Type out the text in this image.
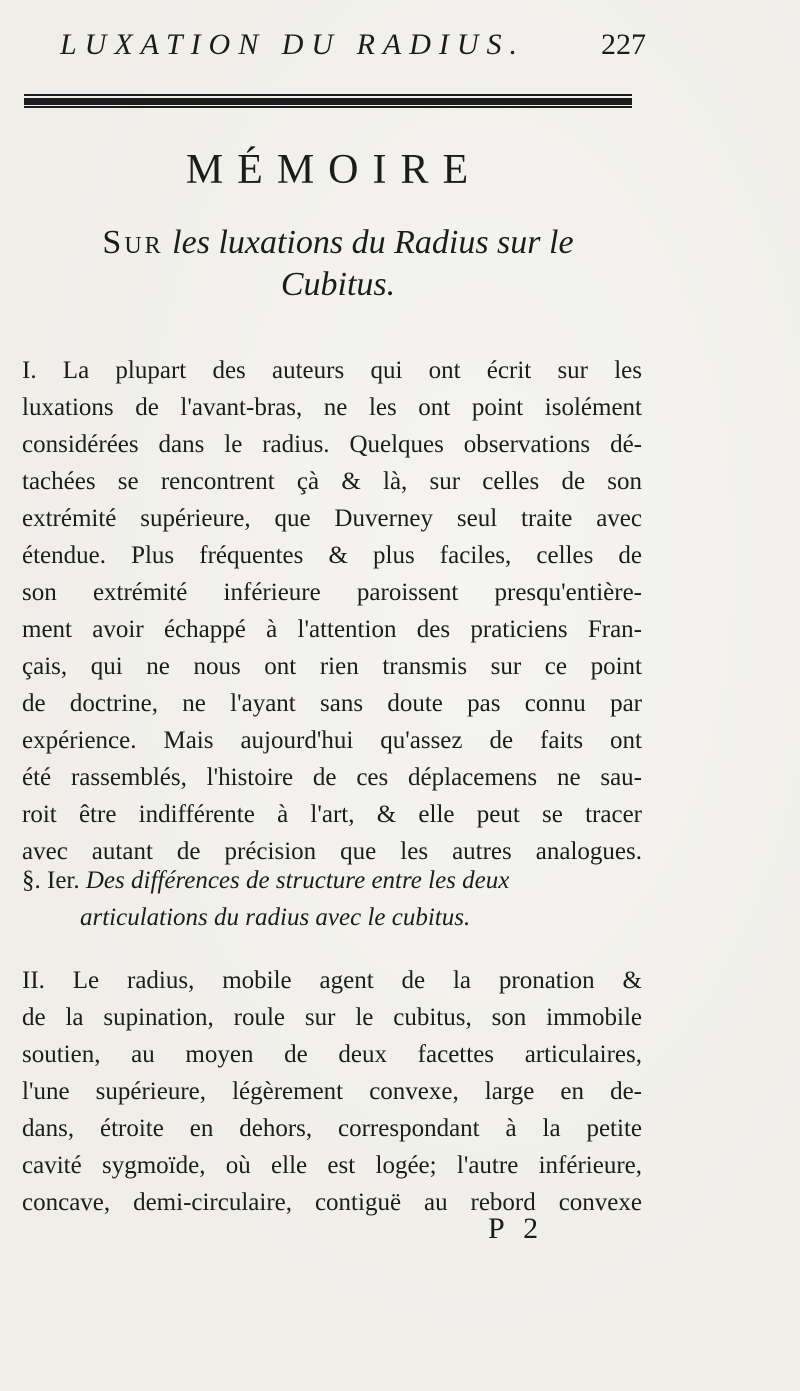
LUXATION DU RADIUS.	227
MÉMOIRE
Sur les luxations du Radius sur le
Cubitus.
I. La plupart des auteurs qui ont écrit sur les
luxations de l'avant-bras, ne les ont point isolément
considérées dans le radius. Quelques observations dé-
tachées se rencontrent çà & là, sur celles de son
extrémité supérieure, que Duverney seul traite avec
étendue. Plus fréquentes & plus faciles, celles de
son extrémité inférieure paroissent presqu'entière-
ment avoir échappé à l'attention des praticiens Fran-
çais, qui ne nous ont rien transmis sur ce point
de doctrine, ne l'ayant sans doute pas connu par
expérience. Mais aujourd'hui qu'assez de faits ont
été rassemblés, l'histoire de ces déplacemens ne sau-
roit être indifférente à l'art, & elle peut se tracer
avec autant de précision que les autres analogues.
§. Ier. Des différences de structure entre les deux
articulations du radius avec le cubitus.
II. Le radius, mobile agent de la pronation &
de la supination, roule sur le cubitus, son immobile
soutien, au moyen de deux facettes articulaires,
l'une supérieure, légèrement convexe, large en de-
dans, étroite en dehors, correspondant à la petite
cavité sygmoïde, où elle est logée; l'autre inférieure,
concave, demi-circulaire, contiguë au rebord convexe
P 2
